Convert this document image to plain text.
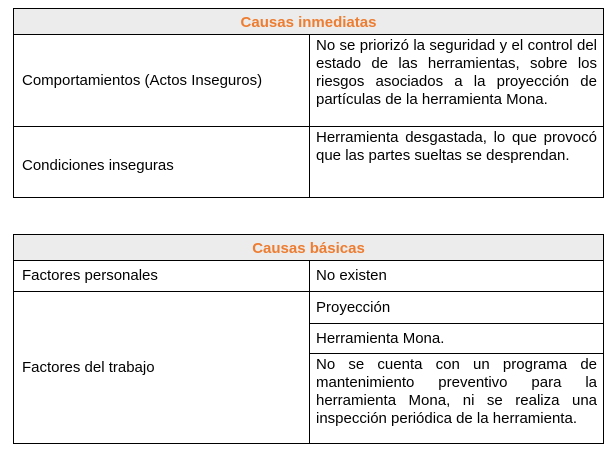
Causas inmediatas	
Comportamientos (Actos Inseguros)	No se priorizó la seguridad y el control del estado de las herramientas, sobre los riesgos asociados a la proyección de partículas de la herramienta Mona.
Condiciones inseguras	Herramienta desgastada, lo que provocó que las partes sueltas se desprendan.
Causas básicas	
Factores personales	No existen
Factores del trabajo	Proyección
	Herramienta Mona.
	No se cuenta con un programa de mantenimiento preventivo para la herramienta Mona, ni se realiza una inspección periódica de la herramienta.
